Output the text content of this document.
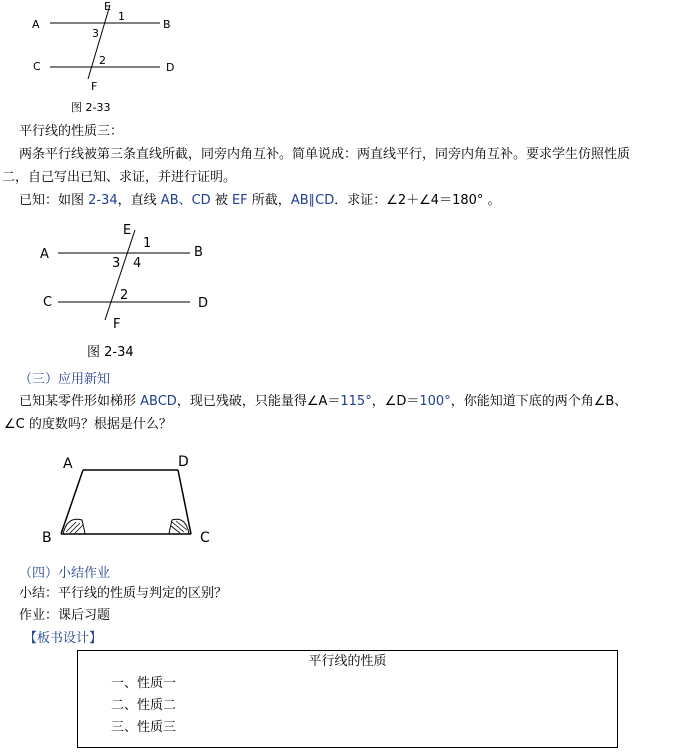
A	B
C	D
E
F
1
2
3
图 2-33
平行线的性质三：
两条平行线被第三条直线所截，同旁内角互补。简单说成：两直线平行，同旁内角互补。要求学生仿照性质
二，自己写出已知、求证，并进行证明。
已知：如图 2-34，直线 AB、CD 被 EF 所截，AB∥CD．求证：∠2＋∠4＝180° 。
A	B
C	D
E
F
1
2
3 4
图 2-34
（三）应用新知
已知某零件形如梯形 ABCD，现已残破，只能量得∠A＝115°，∠D＝100°，你能知道下底的两个角∠B、
∠C 的度数吗？根据是什么？
A	D
B	C
（四）小结作业
小结：平行线的性质与判定的区别？
作业：课后习题
【板书设计】
平行线的性质
一、性质一
二、性质二
三、性质三
